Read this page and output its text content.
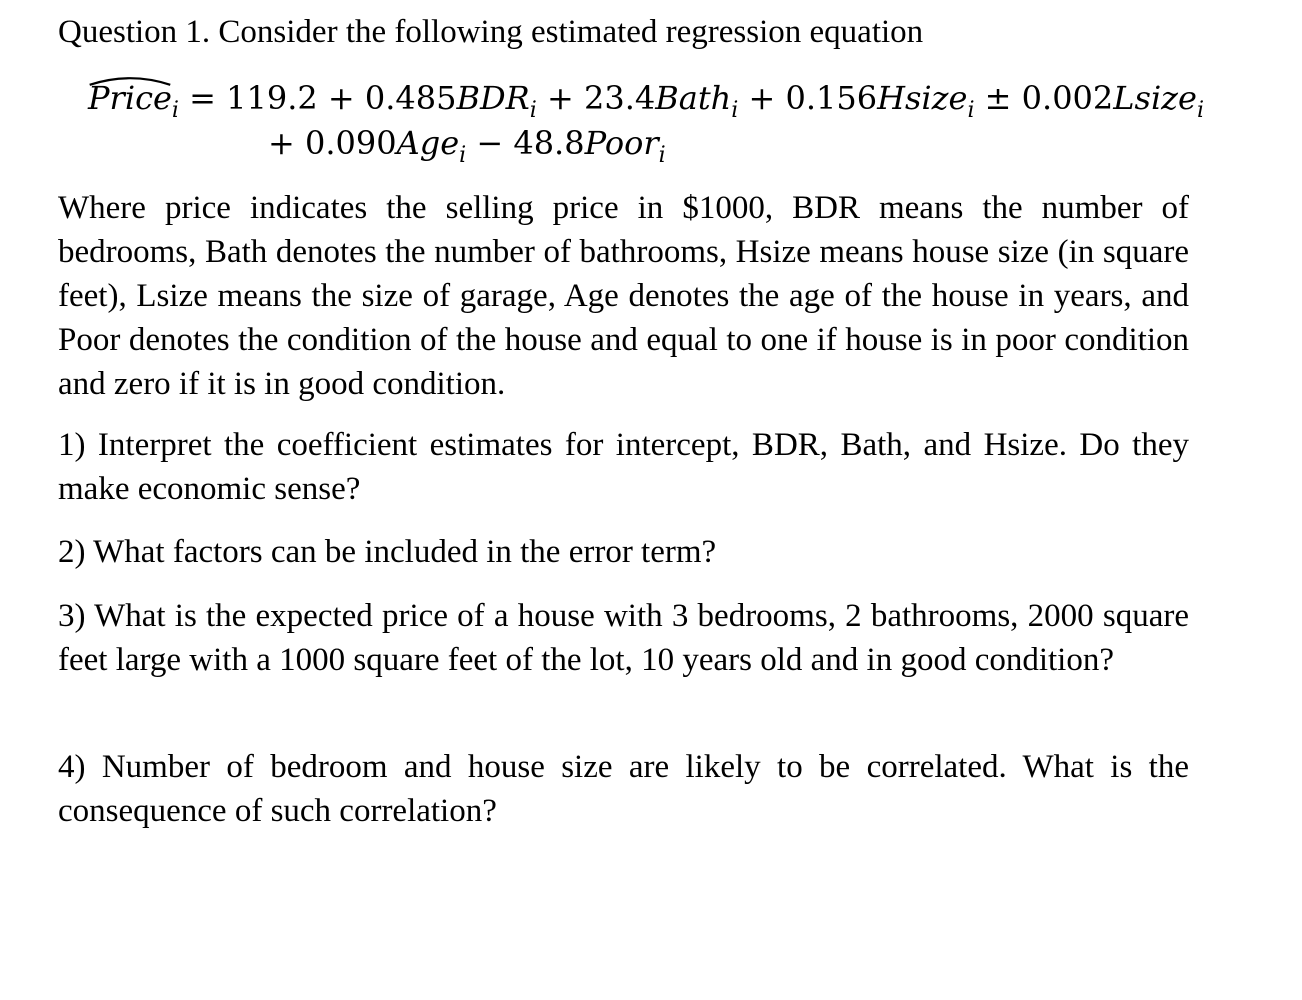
Question 1. Consider the following estimated regression equation
Price
$_i = 119.2 + 0.485BDR_i$ + 23.4Bath$_i$ + 0.156Hsize$_i$ ± 0.002Lsize$_i$
+ 0.090Age$_i$ − 48.8Poor$_i$

Where price indicates the selling price in $1000, BDR means the number of bedrooms, Bath denotes the number of bathrooms, Hsize means house size (in square feet), Lsize means the size of garage, Age denotes the age of the house in years, and Poor denotes the condition of the house and equal to one if house is in poor condition and zero if it is in good condition.

1) Interpret the coefficient estimates for intercept, BDR, Bath, and Hsize. Do they make economic sense?

2) What factors can be included in the error term?

3) What is the expected price of a house with 3 bedrooms, 2 bathrooms, 2000 square feet large with a 1000 square feet of the lot, 10 years old and in good condition?

4) Number of bedroom and house size are likely to be correlated. What is the consequence of such correlation?
